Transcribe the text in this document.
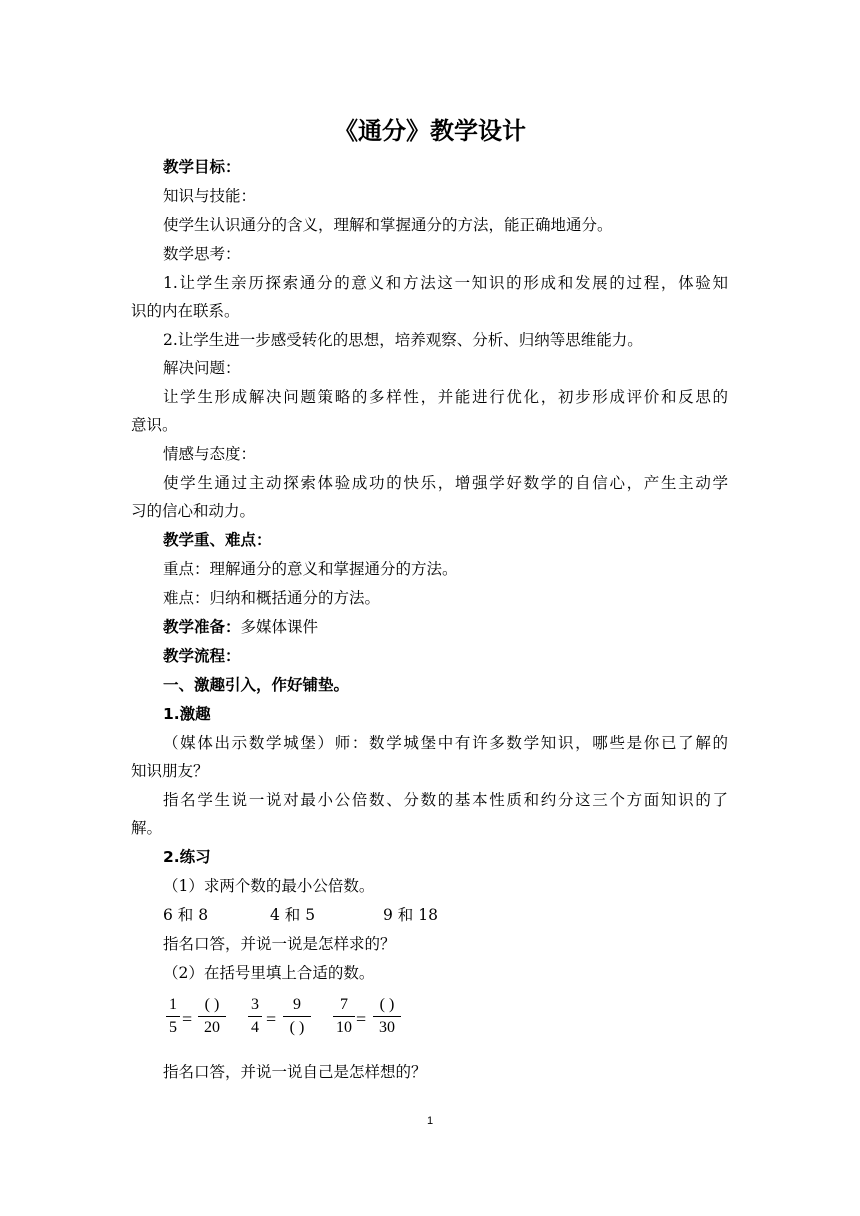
《通分》教学设计
教学目标：
知识与技能：
使学生认识通分的含义，理解和掌握通分的方法，能正确地通分。
数学思考：
1.让学生亲历探索通分的意义和方法这一知识的形成和发展的过程，体验知
识的内在联系。
2.让学生进一步感受转化的思想，培养观察、分析、归纳等思维能力。
解决问题：
让学生形成解决问题策略的多样性，并能进行优化，初步形成评价和反思的
意识。
情感与态度：
使学生通过主动探索体验成功的快乐，增强学好数学的自信心，产生主动学
习的信心和动力。
教学重、难点：
重点：理解通分的意义和掌握通分的方法。
难点：归纳和概括通分的方法。
教学准备：多媒体课件
教学流程：
一、激趣引入，作好铺垫。
1.激趣
（媒体出示数学城堡）师：数学城堡中有许多数学知识，哪些是你已了解的
知识朋友？
指名学生说一说对最小公倍数、分数的基本性质和约分这三个方面知识的了
解。
2.练习
（1）求两个数的最小公倍数。
6 和 8	4 和 5	9 和 18
指名口答，并说一说是怎样求的？
（2）在括号里填上合适的数。
1
5 =
( )
20
3
4 =
9
( )
7
10 =
( )
30
指名口答，并说一说自己是怎样想的？
1
